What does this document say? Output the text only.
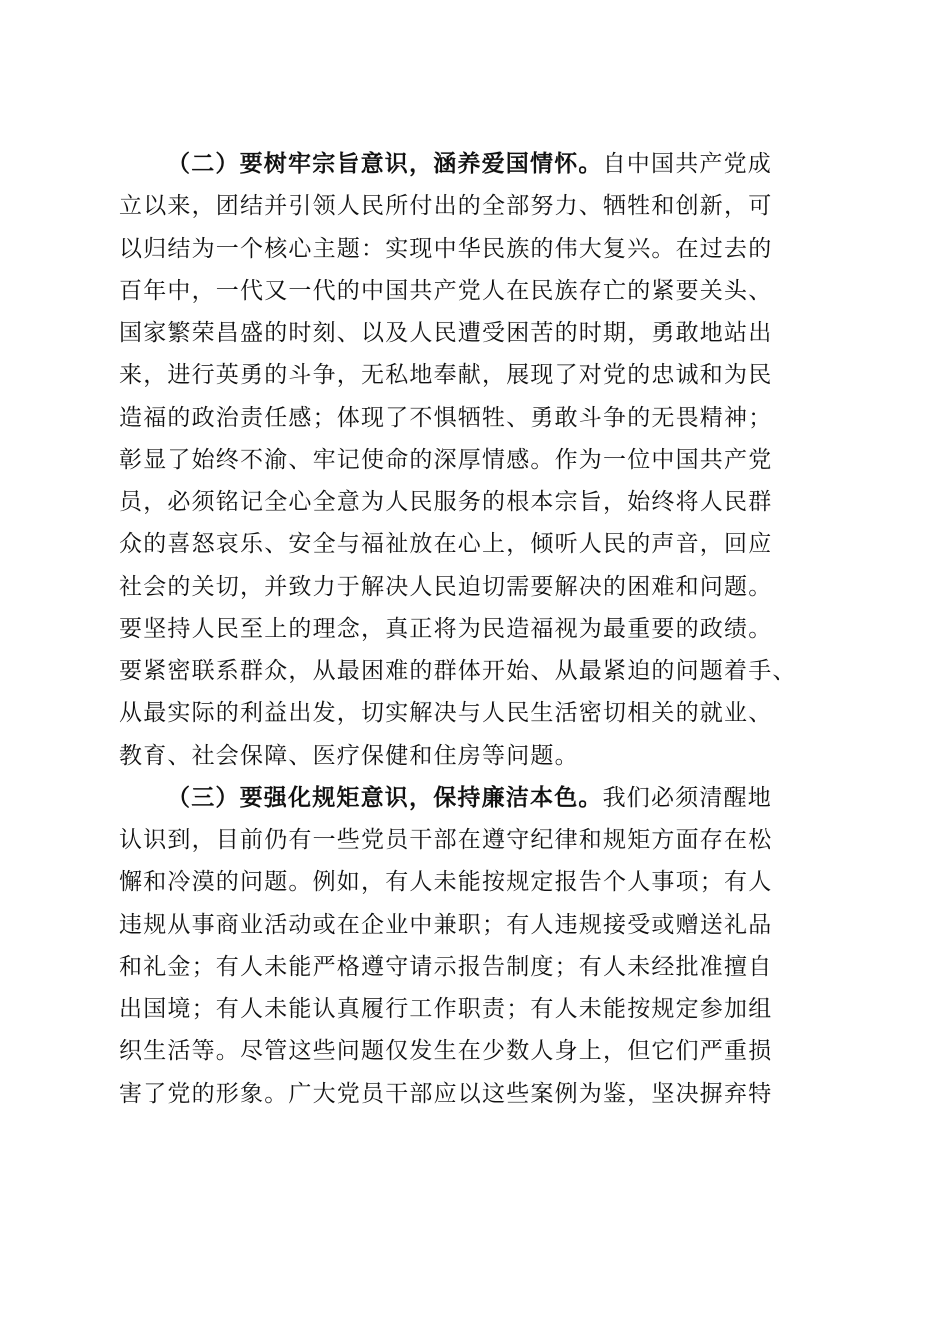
（二）要树牢宗旨意识，涵养爱国情怀。自中国共产党成
立以来，团结并引领人民所付出的全部努力、牺牲和创新，可
以归结为一个核心主题：实现中华民族的伟大复兴。在过去的
百年中，一代又一代的中国共产党人在民族存亡的紧要关头、
国家繁荣昌盛的时刻、以及人民遭受困苦的时期，勇敢地站出
来，进行英勇的斗争，无私地奉献，展现了对党的忠诚和为民
造福的政治责任感；体现了不惧牺牲、勇敢斗争的无畏精神；
彰显了始终不渝、牢记使命的深厚情感。作为一位中国共产党
员，必须铭记全心全意为人民服务的根本宗旨，始终将人民群
众的喜怒哀乐、安全与福祉放在心上，倾听人民的声音，回应
社会的关切，并致力于解决人民迫切需要解决的困难和问题。
要坚持人民至上的理念，真正将为民造福视为最重要的政绩。
要紧密联系群众，从最困难的群体开始、从最紧迫的问题着手、
从最实际的利益出发，切实解决与人民生活密切相关的就业、
教育、社会保障、医疗保健和住房等问题。
（三）要强化规矩意识，保持廉洁本色。我们必须清醒地
认识到，目前仍有一些党员干部在遵守纪律和规矩方面存在松
懈和冷漠的问题。例如，有人未能按规定报告个人事项；有人
违规从事商业活动或在企业中兼职；有人违规接受或赠送礼品
和礼金；有人未能严格遵守请示报告制度；有人未经批准擅自
出国境；有人未能认真履行工作职责；有人未能按规定参加组
织生活等。尽管这些问题仅发生在少数人身上，但它们严重损
害了党的形象。广大党员干部应以这些案例为鉴，坚决摒弃特
